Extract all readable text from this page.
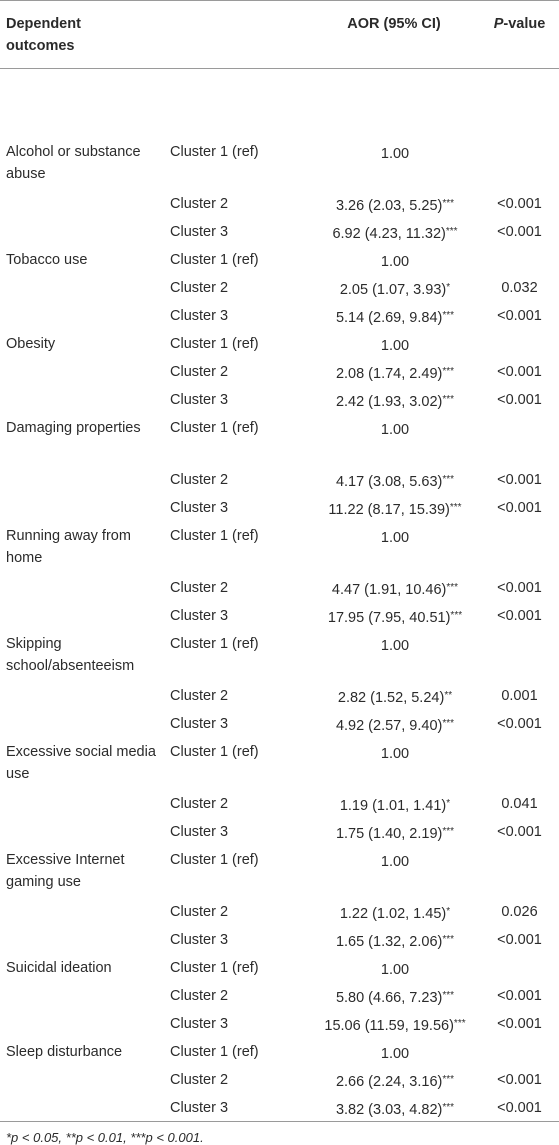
Dependent
outcomes		AOR (95% CI)	P-value

Alcohol or substance abuse	Cluster 1 (ref)	1.00	
	Cluster 2	3.26 (2.03, 5.25)***	<0.001
	Cluster 3	6.92 (4.23, 11.32)***	<0.001
Tobacco use	Cluster 1 (ref)	1.00	
	Cluster 2	2.05 (1.07, 3.93)*	0.032
	Cluster 3	5.14 (2.69, 9.84)***	<0.001
Obesity	Cluster 1 (ref)	1.00	
	Cluster 2	2.08 (1.74, 2.49)***	<0.001
	Cluster 3	2.42 (1.93, 3.02)***	<0.001
Damaging properties	Cluster 1 (ref)	1.00	
	Cluster 2	4.17 (3.08, 5.63)***	<0.001
	Cluster 3	11.22 (8.17, 15.39)***	<0.001
Running away from home	Cluster 1 (ref)	1.00	
	Cluster 2	4.47 (1.91, 10.46)***	<0.001
	Cluster 3	17.95 (7.95, 40.51)***	<0.001
Skipping school/absenteeism	Cluster 1 (ref)	1.00	
	Cluster 2	2.82 (1.52, 5.24)**	0.001
	Cluster 3	4.92 (2.57, 9.40)***	<0.001
Excessive social media use	Cluster 1 (ref)	1.00	
	Cluster 2	1.19 (1.01, 1.41)*	0.041
	Cluster 3	1.75 (1.40, 2.19)***	<0.001
Excessive Internet gaming use	Cluster 1 (ref)	1.00	
	Cluster 2	1.22 (1.02, 1.45)*	0.026
	Cluster 3	1.65 (1.32, 2.06)***	<0.001
Suicidal ideation	Cluster 1 (ref)	1.00	
	Cluster 2	5.80 (4.66, 7.23)***	<0.001
	Cluster 3	15.06 (11.59, 19.56)***	<0.001
Sleep disturbance	Cluster 1 (ref)	1.00	
	Cluster 2	2.66 (2.24, 3.16)***	<0.001
	Cluster 3	3.82 (3.03, 4.82)***	<0.001
*p < 0.05, **p < 0.01, ***p < 0.001.
